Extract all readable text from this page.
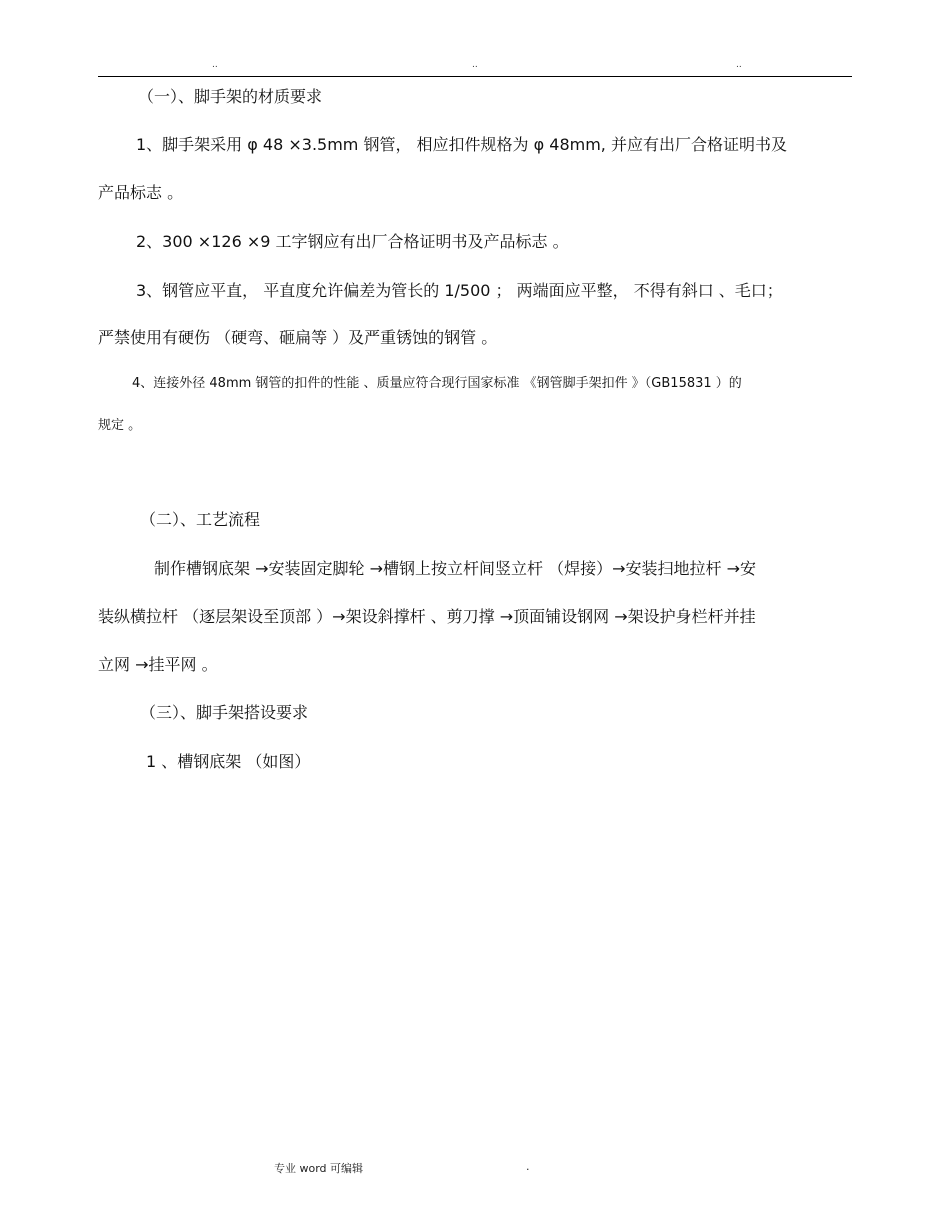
..	..	..
（一）、脚手架的材质要求
1、脚手架采用 φ 48 ×3.5mm 钢管， 相应扣件规格为 φ 48mm, 并应有出厂合格证明书及
产品标志 。
2、300 ×126 ×9 工字钢应有出厂合格证明书及产品标志 。
3、钢管应平直， 平直度允许偏差为管长的 1/500 ； 两端面应平整， 不得有斜口 、毛口；
严禁使用有硬伤 （硬弯、砸扁等 ）及严重锈蚀的钢管 。
4、连接外径 48mm 钢管的扣件的性能 、质量应符合现行国家标准 《钢管脚手架扣件 》（GB15831 ）的
规定 。
（二）、工艺流程
制作槽钢底架 →安装固定脚轮 →槽钢上按立杆间竖立杆 （焊接）→安装扫地拉杆 →安
装纵横拉杆 （逐层架设至顶部 ）→架设斜撑杆 、剪刀撑 →顶面铺设钢网 →架设护身栏杆并挂
立网 →挂平网 。
（三）、脚手架搭设要求
1 、槽钢底架 （如图）
专业 word 可编辑	.
